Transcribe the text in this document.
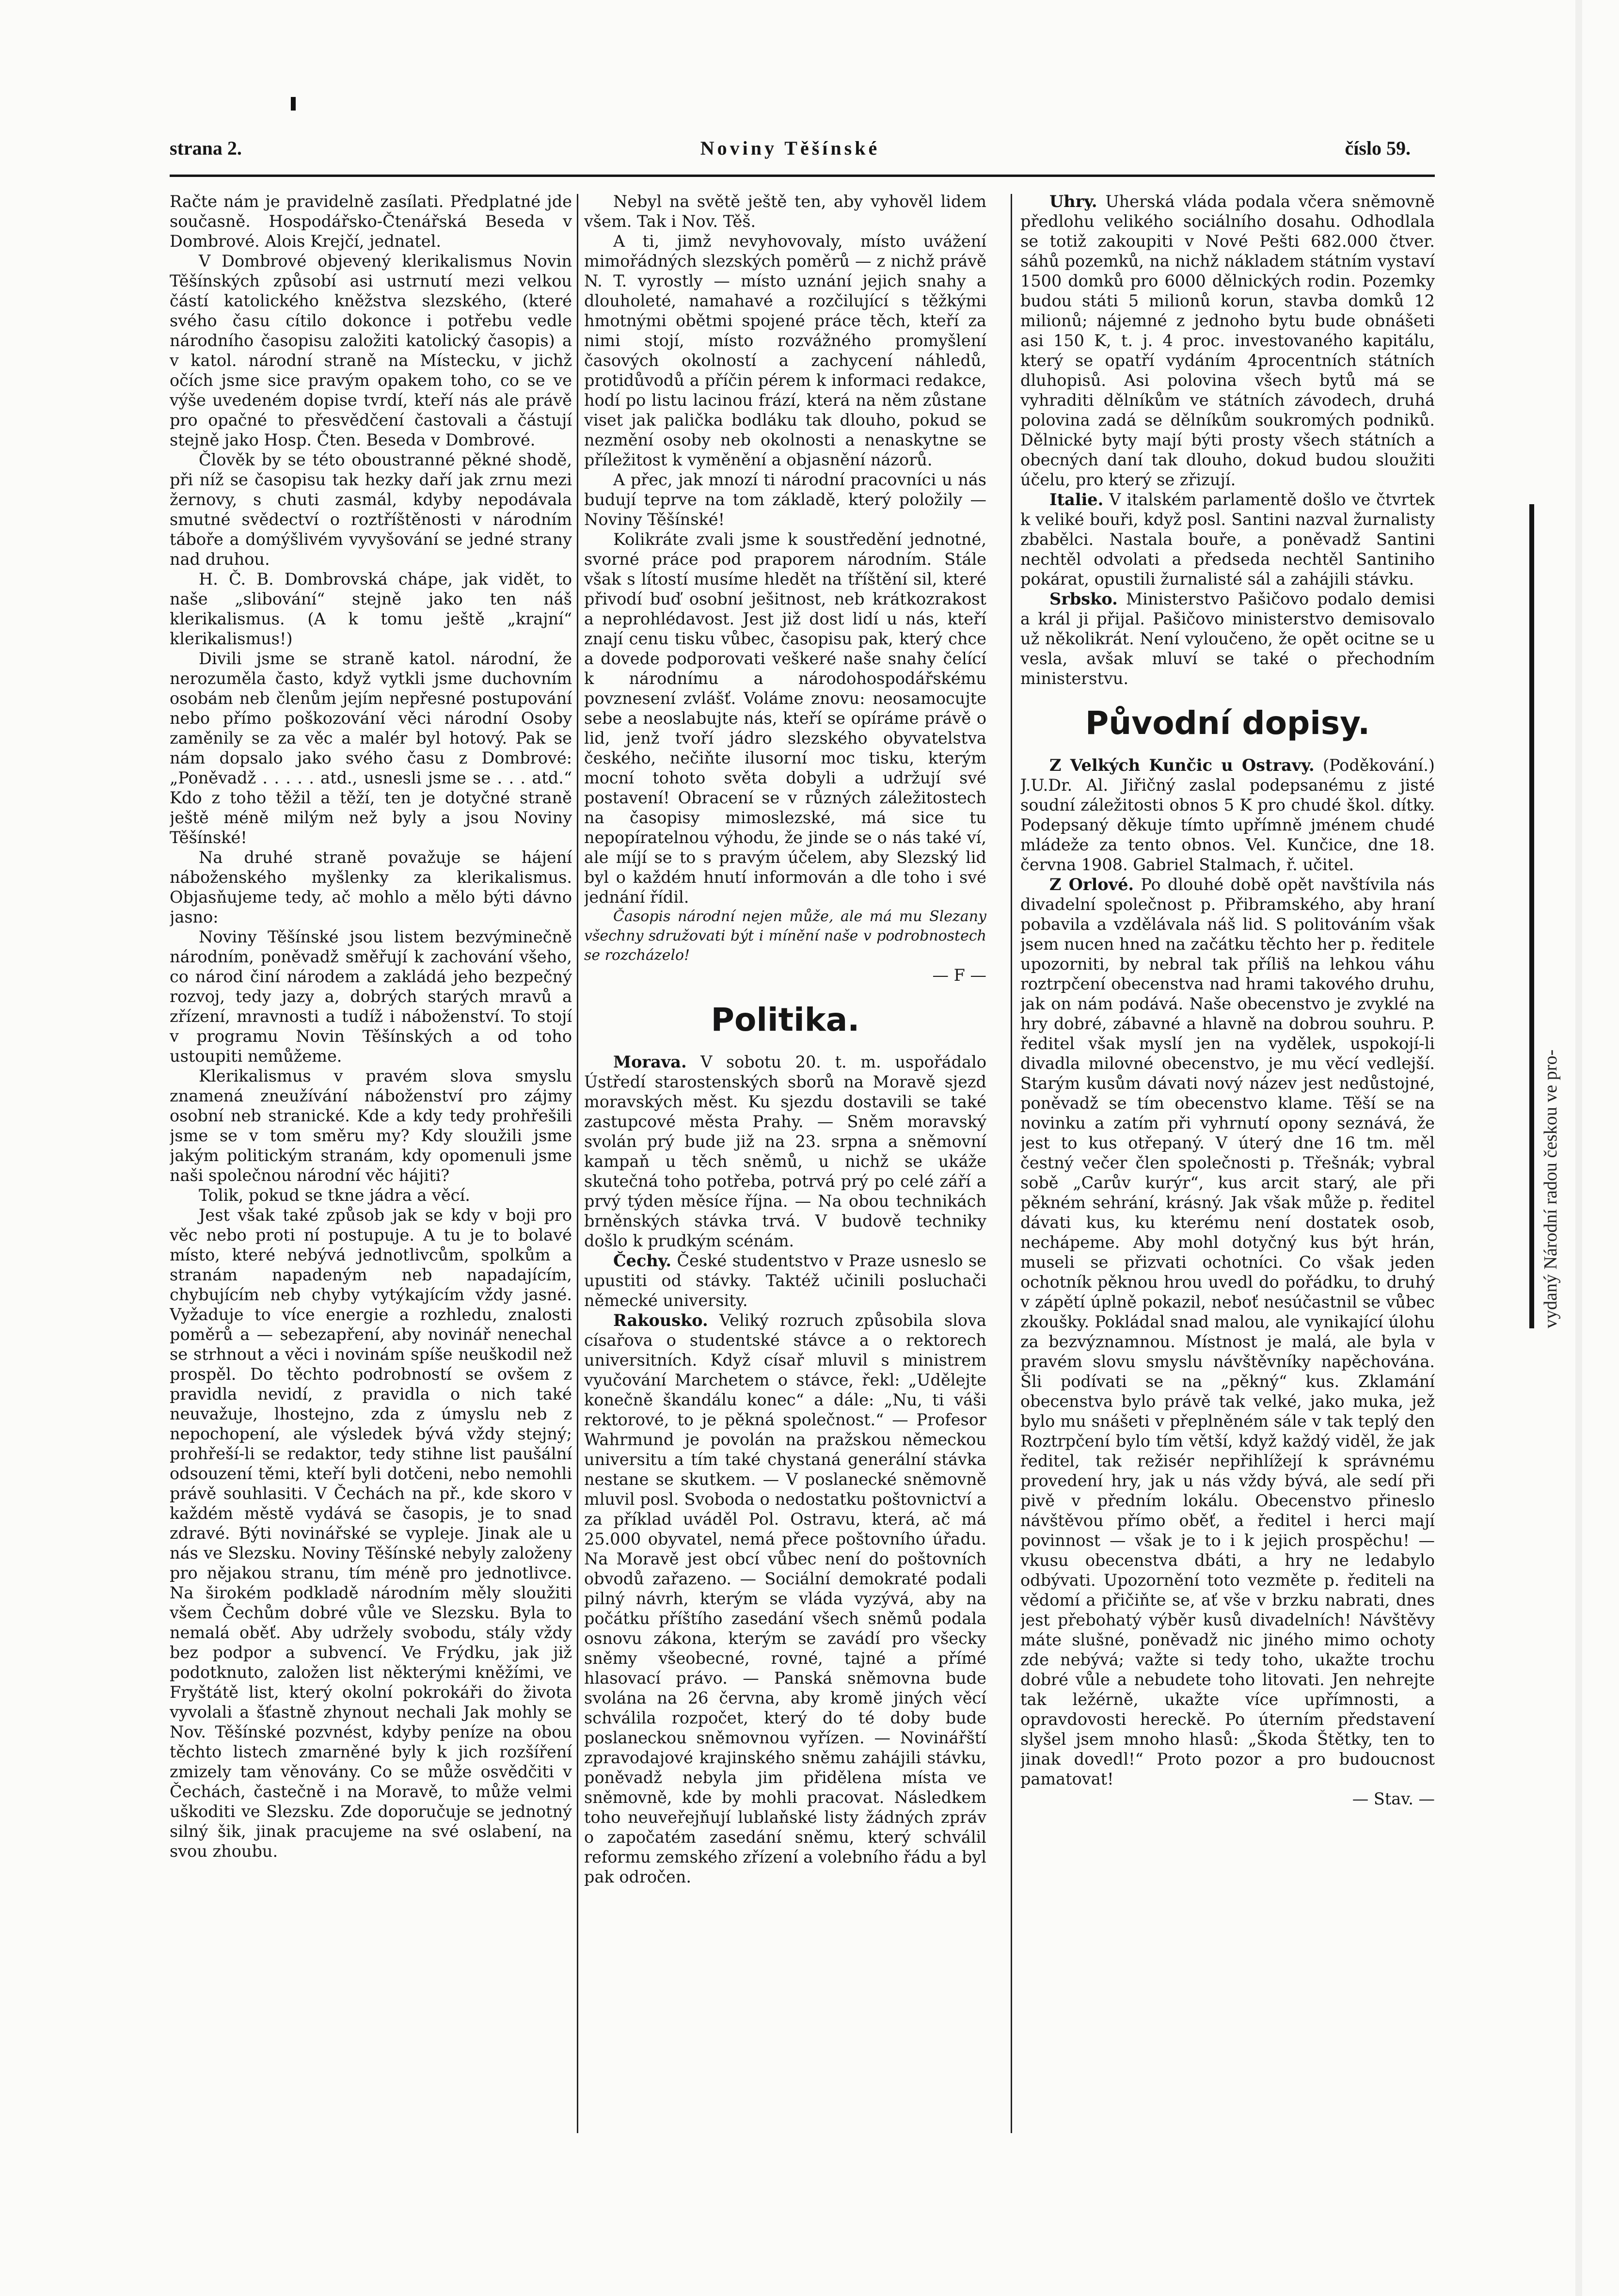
strana 2.	Noviny Těšínské	číslo 59.

Račte nám je pravidelně zasílati. Předplatné jde současně. Hospodářsko-Čtenářská Beseda v Dombrové. Alois Krejčí, jednatel.

V Dombrové objevený klerikalismus Novin Těšínských způsobí asi ustrnutí mezi velkou částí katolického kněžstva slezského, (které svého času cítilo dokonce i potřebu vedle národního časopisu založiti katolický časopis) a v katol. národní straně na Místecku, v jichž očích jsme sice pravým opakem toho, co se ve výše uvedeném dopise tvrdí, kteří nás ale právě pro opačné to přesvědčení častovali a částují stejně jako Hosp. Čten. Beseda v Dombrové.

Člověk by se této oboustranné pěkné shodě, při níž se časopisu tak hezky daří jak zrnu mezi žernovy, s chuti zasmál, kdyby nepodávala smutné svědectví o roztříštěnosti v národním táboře a domýšlivém vyvyšování se jedné strany nad druhou.

H. Č. B. Dombrovská chápe, jak vidět, to naše „slibování“ stejně jako ten náš klerikalismus. (A k tomu ještě „krajní“ klerikalismus!)

Divili jsme se straně katol. národní, že nerozuměla často, když vytkli jsme duchovním osobám neb členům jejím nepřesné postupování nebo přímo poškozování věci národní Osoby zaměnily se za věc a malér byl hotový. Pak se nám dopsalo jako svého času z Dombrové: „Poněvadž . . . . . atd., usnesli jsme se . . . atd.“ Kdo z toho těžil a těží, ten je dotyčné straně ještě méně milým než byly a jsou Noviny Těšínské!

Na druhé straně považuje se hájení náboženského myšlenky za klerikalismus. Objasňujeme tedy, ač mohlo a mělo býti dávno jasno:

Noviny Těšínské jsou listem bezvýminečně národním, poněvadž směřují k zachování všeho, co národ činí národem a zakládá jeho bezpečný rozvoj, tedy jazy a, dobrých starých mravů a zřízení, mravnosti a tudíž i náboženství. To stojí v programu Novin Těšínských a od toho ustoupiti nemůžeme.

Klerikalismus v pravém slova smyslu znamená zneužívání náboženství pro zájmy osobní neb stranické. Kde a kdy tedy prohřešili jsme se v tom směru my? Kdy sloužili jsme jakým politickým stranám, kdy opomenuli jsme naši společnou národní věc hájiti?

Tolik, pokud se tkne jádra a věcí.

Jest však také způsob jak se kdy v boji pro věc nebo proti ní postupuje. A tu je to bolavé místo, které nebývá jednotlivcům, spolkům a stranám napadeným neb napadajícím, chybujícím neb chyby vytýkajícím vždy jasné. Vyžaduje to více energie a rozhledu, znalosti poměrů a — sebezapření, aby novinář nenechal se strhnout a věci i novinám spíše neuškodil než prospěl. Do těchto podrobností se ovšem z pravidla nevidí, z pravidla o nich také neuvažuje, lhostejno, zda z úmyslu neb z nepochopení, ale výsledek bývá vždy stejný; prohřeší-li se redaktor, tedy stihne list paušální odsouzení těmi, kteří byli dotčeni, nebo nemohli právě souhlasiti. V Čechách na př., kde skoro v každém městě vydává se časopis, je to snad zdravé. Býti novinářské se vypleje. Jinak ale u nás ve Slezsku. Noviny Těšínské nebyly založeny pro nějakou stranu, tím méně pro jednotlivce. Na širokém podkladě národním měly sloužiti všem Čechům dobré vůle ve Slezsku. Byla to nemalá oběť. Aby udržely svobodu, stály vždy bez podpor a subvencí. Ve Frýdku, jak již podotknuto, založen list některými kněžími, ve Fryštátě list, který okolní pokrokáři do života vyvolali a šťastně zhynout nechali Jak mohly se Nov. Těšínské pozvnést, kdyby peníze na obou těchto listech zmarněné byly k jich rozšíření zmizely tam věnovány. Co se může osvědčiti v Čechách, častečně i na Moravě, to může velmi uškoditi ve Slezsku. Zde doporučuje se jednotný silný šik, jinak pracujeme na své oslabení, na svou zhoubu.

Nebyl na světě ještě ten, aby vyhověl lidem všem. Tak i Nov. Těš.

A ti, jimž nevyhovovaly, místo uvážení mimořádných slezských poměrů — z nichž právě N. T. vyrostly — místo uznání jejich snahy a dlouholeté, namahavé a rozčilující s těžkými hmotnými obětmi spojené práce těch, kteří za nimi stojí, místo rozvážného promyšlení časových okolností a zachycení náhledů, protidůvodů a příčin pérem k informaci redakce, hodí po listu lacinou frází, která na něm zůstane viset jak palička bodláku tak dlouho, pokud se nezmění osoby neb okolnosti a nenaskytne se příležitost k vyměnění a objasnění názorů.

A přec, jak mnozí ti národní pracovníci u nás budují teprve na tom základě, který položily — Noviny Těšínské!

Kolikráte zvali jsme k soustředění jednotné, svorné práce pod praporem národním. Stále však s lítostí musíme hledět na tříštění sil, které přivodí buď osobní ješitnost, neb krátkozrakost a neprohlédavost. Jest již dost lidí u nás, kteří znají cenu tisku vůbec, časopisu pak, který chce a dovede podporovati veškeré naše snahy čelící k národnímu a národohospodářskému povznesení zvlášť. Voláme znovu: neosamocujte sebe a neoslabujte nás, kteří se opíráme právě o lid, jenž tvoří jádro slezského obyvatelstva českého, nečiňte ilusorní moc tisku, kterým mocní tohoto světa dobyli a udržují své postavení! Obracení se v různých záležitostech na časopisy mimoslezské, má sice tu nepopíratelnou výhodu, že jinde se o nás také ví, ale míjí se to s pravým účelem, aby Slezský lid byl o každém hnutí informován a dle toho i své jednání řídil.

Časopis národní nejen může, ale má mu Slezany všechny sdružovati být i mínění naše v podrobnostech se rozcházelo!

— F —

Politika.

Morava. V sobotu 20. t. m. uspořádalo Ústředí starostenských sborů na Moravě sjezd moravských měst. Ku sjezdu dostavili se také zastupcové města Prahy. — Sněm moravský svolán prý bude již na 23. srpna a sněmovní kampaň u těch sněmů, u nichž se ukáže skutečná toho potřeba, potrvá prý po celé září a prvý týden měsíce října. — Na obou technikách brněnských stávka trvá. V budově techniky došlo k prudkým scénám.

Čechy. České studentstvo v Praze usneslo se upustiti od stávky. Taktéž učinili posluchači německé university.

Rakousko. Veliký rozruch způsobila slova císařova o studentské stávce a o rektorech universitních. Když císař mluvil s ministrem vyučování Marchetem o stávce, řekl: „Udělejte konečně škandálu konec“ a dále: „Nu, ti váši rektorové, to je pěkná společnost.“ — Profesor Wahrmund je povolán na pražskou německou universitu a tím také chystaná generální stávka nestane se skutkem. — V poslanecké sněmovně mluvil posl. Svoboda o nedostatku poštovnictví a za příklad uváděl Pol. Ostravu, která, ač má 25.000 obyvatel, nemá přece poštovního úřadu. Na Moravě jest obcí vůbec není do poštovních obvodů zařazeno. — Sociální demokraté podali pilný návrh, kterým se vláda vyzývá, aby na počátku příštího zasedání všech sněmů podala osnovu zákona, kterým se zavádí pro všecky sněmy všeobecné, rovné, tajné a přímé hlasovací právo. — Panská sněmovna bude svolána na 26 června, aby kromě jiných věcí schválila rozpočet, který do té doby bude poslaneckou sněmovnou vyřízen. — Novinářští zpravodajové krajinského sněmu zahájili stávku, poněvadž nebyla jim přidělena místa ve sněmovně, kde by mohli pracovat. Následkem toho neuveřejňují lublaňské listy žádných zpráv o započatém zasedání sněmu, který schválil reformu zemského zřízení a volebního řádu a byl pak odročen.

Uhry. Uherská vláda podala včera sněmovně předlohu velikého sociálního dosahu. Odhodlala se totiž zakoupiti v Nové Pešti 682.000 čtver. sáhů pozemků, na nichž nákladem státním vystaví 1500 domků pro 6000 dělnických rodin. Pozemky budou státi 5 milionů korun, stavba domků 12 milionů; nájemné z jednoho bytu bude obnášeti asi 150 K, t. j. 4 proc. investovaného kapitálu, který se opatří vydáním 4procentních státních dluhopisů. Asi polovina všech bytů má se vyhraditi dělníkům ve státních závodech, druhá polovina zadá se dělníkům soukromých podniků. Dělnické byty mají býti prosty všech státních a obecných daní tak dlouho, dokud budou sloužiti účelu, pro který se zřizují.

Italie. V italském parlamentě došlo ve čtvrtek k veliké bouři, když posl. Santini nazval žurnalisty zbabělci. Nastala bouře, a poněvadž Santini nechtěl odvolati a předseda nechtěl Santiniho pokárat, opustili žurnalisté sál a zahájili stávku.

Srbsko. Ministerstvo Pašičovo podalo demisi a král ji přijal. Pašičovo ministerstvo demisovalo už několikrát. Není vyloučeno, že opět ocitne se u vesla, avšak mluví se také o přechodním ministerstvu.

Původní dopisy.

Z Velkých Kunčic u Ostravy. (Poděkování.) J.U.Dr. Al. Jiřičný zaslal podepsanému z jisté soudní záležitosti obnos 5 K pro chudé škol. dítky. Podepsaný děkuje tímto upřímně jménem chudé mládeže za tento obnos. Vel. Kunčice, dne 18. června 1908. Gabriel Stalmach, ř. učitel.

Z Orlové. Po dlouhé době opět navštívila nás divadelní společnost p. Přibramského, aby hraní pobavila a vzdělávala náš lid. S politováním však jsem nucen hned na začátku těchto her p. ředitele upozorniti, by nebral tak příliš na lehkou váhu roztrpčení obecenstva nad hrami takového druhu, jak on nám podává. Naše obecenstvo je zvyklé na hry dobré, zábavné a hlavně na dobrou souhru. P. ředitel však myslí jen na vydělek, uspokojí-li divadla milovné obecenstvo, je mu věcí vedlejší. Starým kusům dávati nový název jest nedůstojné, poněvadž se tím obecenstvo klame. Těší se na novinku a zatím při vyhrnutí opony seznává, že jest to kus otřepaný. V úterý dne 16 tm. měl čestný večer člen společnosti p. Třešnák; vybral sobě „Carův kurýr“, kus arcit starý, ale při pěkném sehrání, krásný. Jak však může p. ředitel dávati kus, ku kterému není dostatek osob, nechápeme. Aby mohl dotyčný kus být hrán, museli se přizvati ochotníci. Co však jeden ochotník pěknou hrou uvedl do pořádku, to druhý v zápětí úplně pokazil, neboť nesúčastnil se vůbec zkoušky. Pokládal snad malou, ale vynikající úlohu za bezvýznamnou. Místnost je malá, ale byla v pravém slovu smyslu návštěvníky napěchována. Šli podívati se na „pěkný“ kus. Zklamání obecenstva bylo právě tak velké, jako muka, jež bylo mu snášeti v přeplněném sále v tak teplý den Roztrpčení bylo tím větší, když každý viděl, že jak ředitel, tak režisér nepřihlížejí k správnému provedení hry, jak u nás vždy bývá, ale sedí při pivě v předním lokálu. Obecenstvo přineslo návštěvou přímo oběť, a ředitel i herci mají povinnost — však je to i k jejich prospěchu! — vkusu obecenstva dbáti, a hry ne ledabylo odbývati. Upozornění toto vezměte p. řediteli na vědomí a přičiňte se, ať vše v brzku nabrati, dnes jest přebohatý výběr kusů divadelních! Návštěvy máte slušné, poněvadž nic jiného mimo ochoty zde nebývá; važte si tedy toho, ukažte trochu dobré vůle a nebudete toho litovati. Jen nehrejte tak ležérně, ukažte více upřímnosti, a opravdovosti hereckě. Po úterním představení slyšel jsem mnoho hlasů: „Škoda Štětky, ten to jinak dovedl!“ Proto pozor a pro budoucnost pamatovat!

— Stav. —

vydaný Národní radou českou ve pro-
